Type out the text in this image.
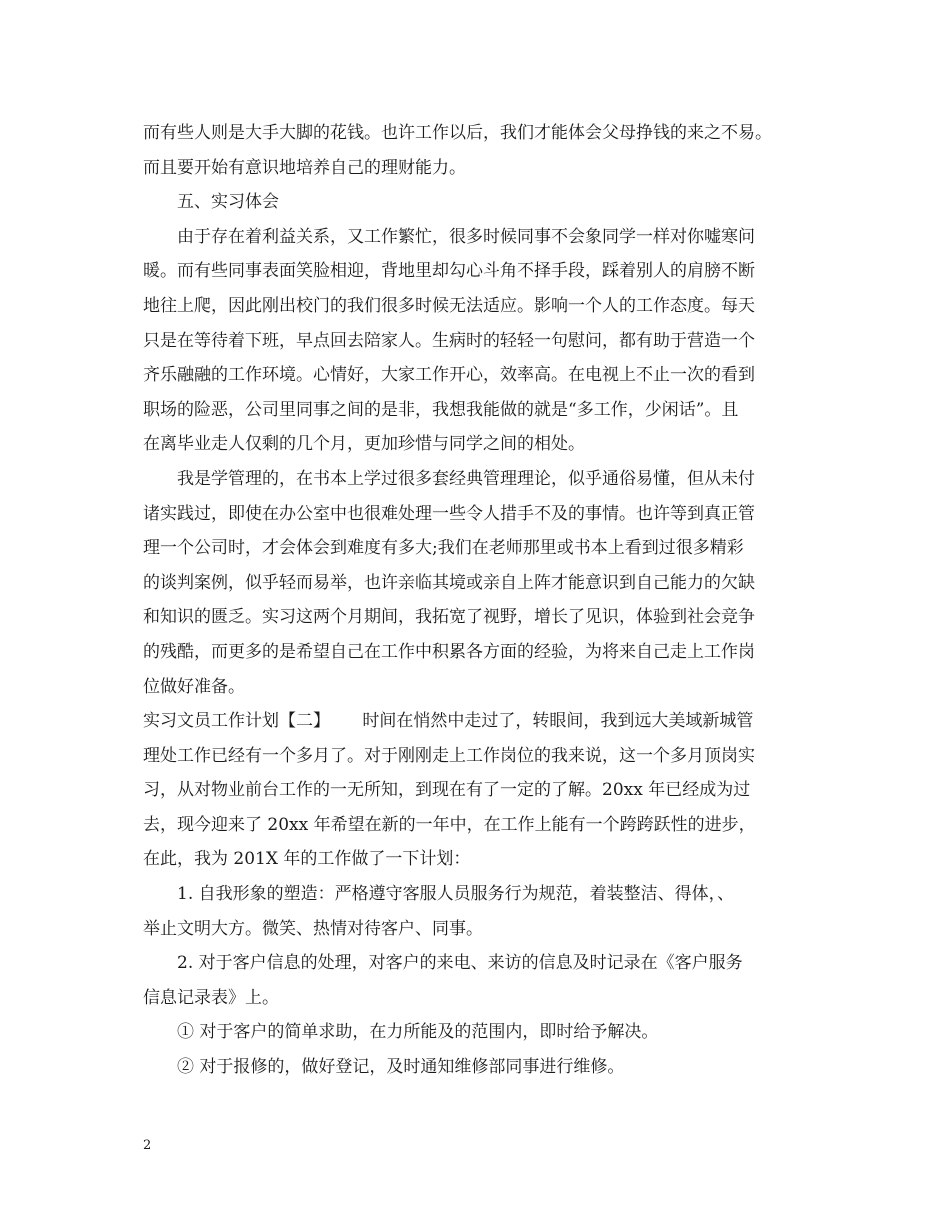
而有些人则是大手大脚的花钱。也许工作以后，我们才能体会父母挣钱的来之不易。
而且要开始有意识地培养自己的理财能力。
五、实习体会
由于存在着利益关系，又工作繁忙，很多时候同事不会象同学一样对你嘘寒问
暖。而有些同事表面笑脸相迎，背地里却勾心斗角不择手段，踩着别人的肩膀不断
地往上爬，因此刚出校门的我们很多时候无法适应。影响一个人的工作态度。每天
只是在等待着下班，早点回去陪家人。生病时的轻轻一句慰问，都有助于营造一个
齐乐融融的工作环境。心情好，大家工作开心，效率高。在电视上不止一次的看到
职场的险恶，公司里同事之间的是非，我想我能做的就是“多工作，少闲话”。且
在离毕业走人仅剩的几个月，更加珍惜与同学之间的相处。
我是学管理的，在书本上学过很多套经典管理理论，似乎通俗易懂，但从未付
诸实践过，即使在办公室中也很难处理一些令人措手不及的事情。也许等到真正管
理一个公司时，才会体会到难度有多大;我们在老师那里或书本上看到过很多精彩
的谈判案例，似乎轻而易举，也许亲临其境或亲自上阵才能意识到自己能力的欠缺
和知识的匮乏。实习这两个月期间，我拓宽了视野，增长了见识，体验到社会竞争
的残酷，而更多的是希望自己在工作中积累各方面的经验，为将来自己走上工作岗
位做好准备。
实习文员工作计划【二】      时间在悄然中走过了，转眼间，我到远大美域新城管
理处工作已经有一个多月了。对于刚刚走上工作岗位的我来说，这一个多月顶岗实
习，从对物业前台工作的一无所知，到现在有了一定的了解。20xx 年已经成为过
去，现今迎来了 20xx 年希望在新的一年中，在工作上能有一个跨跨跃性的进步，
在此，我为 201X 年的工作做了一下计划：
1. 自我形象的塑造：严格遵守客服人员服务行为规范，着装整洁、得体，、
举止文明大方。微笑、热情对待客户、同事。
2. 对于客户信息的处理，对客户的来电、来访的信息及时记录在《客户服务
信息记录表》上。
① 对于客户的简单求助，在力所能及的范围内，即时给予解决。
② 对于报修的，做好登记，及时通知维修部同事进行维修。
2
